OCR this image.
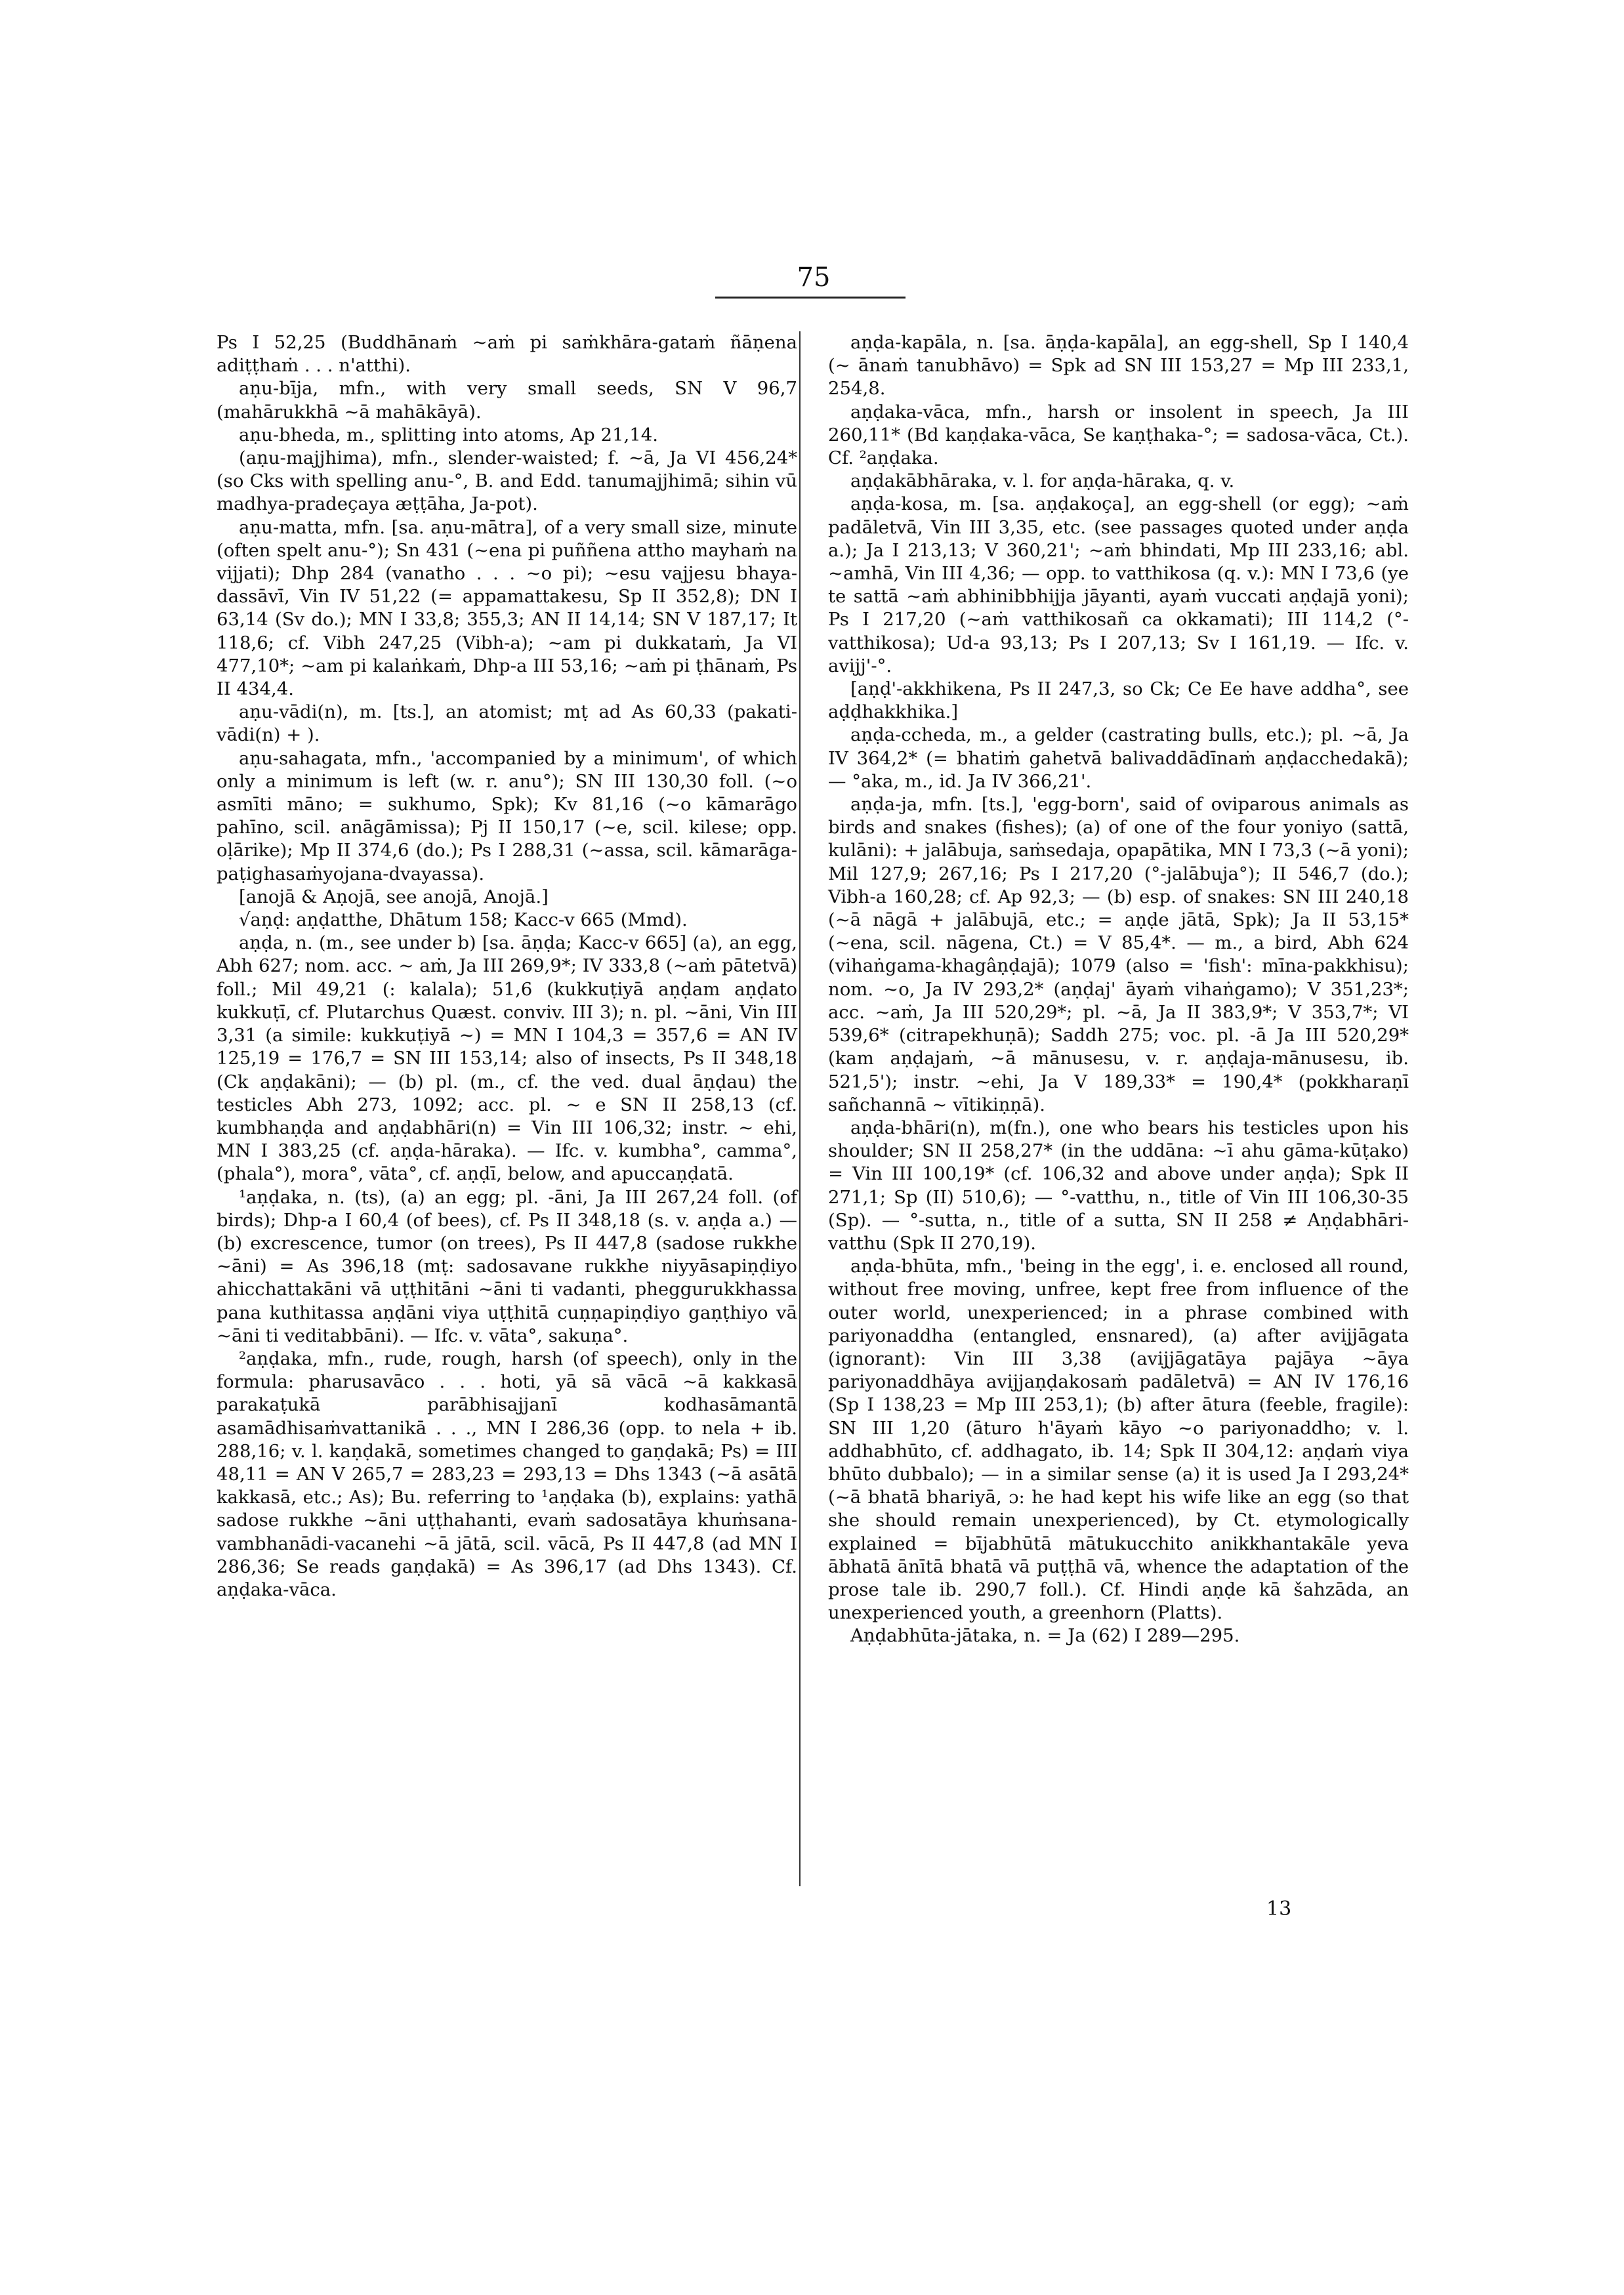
75

Ps I 52,25 (Buddhānaṁ ~aṁ pi saṁkhāra-gataṁ ñāṇena adiṭṭhaṁ . . . n'atthi).

aṇu-bīja, mfn., with very small seeds, SN V 96,7 (mahārukkhā ~ā mahākāyā).

aṇu-bheda, m., splitting into atoms, Ap 21,14.

(aṇu-majjhima), mfn., slender-waisted; f. ~ā, Ja VI 456,24* (so Cks with spelling anu-°, B. and Edd. tanumajjhimā; sihin vū madhya-pradeçaya æṭṭāha, Ja-pot).

aṇu-matta, mfn. [sa. aṇu-mātra], of a very small size, minute (often spelt anu-°); Sn 431 (~ena pi puññena attho mayhaṁ na vijjati); Dhp 284 (vanatho . . . ~o pi); ~esu vajjesu bhaya-dassāvī, Vin IV 51,22 (= appamattakesu, Sp II 352,8); DN I 63,14 (Sv do.); MN I 33,8; 355,3; AN II 14,14; SN V 187,17; It 118,6; cf. Vibh 247,25 (Vibh-a); ~am pi dukkataṁ, Ja VI 477,10*; ~am pi kalaṅkaṁ, Dhp-a III 53,16; ~aṁ pi ṭhānaṁ, Ps II 434,4.

aṇu-vādi(n), m. [ts.], an atomist; mṭ ad As 60,33 (pakati-vādi(n) + ).

aṇu-sahagata, mfn., 'accompanied by a minimum', of which only a minimum is left (w. r. anu°); SN III 130,30 foll. (~o asmīti māno; = sukhumo, Spk); Kv 81,16 (~o kāmarāgo pahīno, scil. anāgāmissa); Pj II 150,17 (~e, scil. kilese; opp. oḷārike); Mp II 374,6 (do.); Ps I 288,31 (~assa, scil. kāmarāga-paṭighasaṁyojana-dvayassa).

[anojā & Aṇojā, see anojā, Anojā.]

√aṇḍ: aṇḍatthe, Dhātum 158; Kacc-v 665 (Mmd).

aṇḍa, n. (m., see under b) [sa. āṇḍa; Kacc-v 665] (a), an egg, Abh 627; nom. acc. ~ aṁ, Ja III 269,9*; IV 333,8 (~aṁ pātetvā) foll.; Mil 49,21 (: kalala); 51,6 (kukkuṭiyā aṇḍam aṇḍato kukkuṭī, cf. Plutarchus Quæst. conviv. III 3); n. pl. ~āni, Vin III 3,31 (a simile: kukkuṭiyā ~) = MN I 104,3 = 357,6 = AN IV 125,19 = 176,7 = SN III 153,14; also of insects, Ps II 348,18 (Ck aṇḍakāni); — (b) pl. (m., cf. the ved. dual āṇḍau) the testicles Abh 273, 1092; acc. pl. ~ e SN II 258,13 (cf. kumbhaṇḍa and aṇḍabhāri(n) = Vin III 106,32; instr. ~ ehi, MN I 383,25 (cf. aṇḍa-hāraka). — Ifc. v. kumbha°, camma°, (phala°), mora°, vāta°, cf. aṇḍī, below, and apuccaṇḍatā.

¹aṇḍaka, n. (ts), (a) an egg; pl. -āni, Ja III 267,24 foll. (of birds); Dhp-a I 60,4 (of bees), cf. Ps II 348,18 (s. v. aṇḍa a.) — (b) excrescence, tumor (on trees), Ps II 447,8 (sadose rukkhe ~āni) = As 396,18 (mṭ: sadosavane rukkhe niyyāsapiṇḍiyo ahicchattakāni vā uṭṭhitāni ~āni ti vadanti, pheggurukkhassa pana kuthitassa aṇḍāni viya uṭṭhitā cuṇṇapiṇḍiyo gaṇṭhiyo vā ~āni ti veditabbāni). — Ifc. v. vāta°, sakuṇa°.

²aṇḍaka, mfn., rude, rough, harsh (of speech), only in the formula: pharusavāco . . . hoti, yā sā vācā ~ā kakkasā parakaṭukā parābhisajjanī kodhasāmantā asamādhisaṁvattanikā . . ., MN I 286,36 (opp. to nela + ib. 288,16; v. l. kaṇḍakā, sometimes changed to gaṇḍakā; Ps) = III 48,11 = AN V 265,7 = 283,23 = 293,13 = Dhs 1343 (~ā asātā kakkasā, etc.; As); Bu. referring to ¹aṇḍaka (b), explains: yathā sadose rukkhe ~āni uṭṭhahanti, evaṁ sadosatāya khuṁsana-vambhanādi-vacanehi ~ā jātā, scil. vācā, Ps II 447,8 (ad MN I 286,36; Se reads gaṇḍakā) = As 396,17 (ad Dhs 1343). Cf. aṇḍaka-vāca.

aṇḍa-kapāla, n. [sa. āṇḍa-kapāla], an egg-shell, Sp I 140,4 (~ ānaṁ tanubhāvo) = Spk ad SN III 153,27 = Mp III 233,1, 254,8.

aṇḍaka-vāca, mfn., harsh or insolent in speech, Ja III 260,11* (Bd kaṇḍaka-vāca, Se kaṇṭhaka-°; = sadosa-vāca, Ct.). Cf. ²aṇḍaka.

aṇḍakābhāraka, v. l. for aṇḍa-hāraka, q. v.

aṇḍa-kosa, m. [sa. aṇḍakoça], an egg-shell (or egg); ~aṁ padāletvā, Vin III 3,35, etc. (see passages quoted under aṇḍa a.); Ja I 213,13; V 360,21'; ~aṁ bhindati, Mp III 233,16; abl. ~amhā, Vin III 4,36; — opp. to vatthikosa (q. v.): MN I 73,6 (ye te sattā ~aṁ abhinibbhijja jāyanti, ayaṁ vuccati aṇḍajā yoni); Ps I 217,20 (~aṁ vatthikosañ ca okkamati); III 114,2 (°-vatthikosa); Ud-a 93,13; Ps I 207,13; Sv I 161,19. — Ifc. v. avijj'-°.

[aṇḍ'-akkhikena, Ps II 247,3, so Ck; Ce Ee have addha°, see aḍḍhakkhika.]

aṇḍa-ccheda, m., a gelder (castrating bulls, etc.); pl. ~ā, Ja IV 364,2* (= bhatiṁ gahetvā balivaddādīnaṁ aṇḍacchedakā); — °aka, m., id. Ja IV 366,21'.

aṇḍa-ja, mfn. [ts.], 'egg-born', said of oviparous animals as birds and snakes (fishes); (a) of one of the four yoniyo (sattā, kulāni): + jalābuja, saṁsedaja, opapātika, MN I 73,3 (~ā yoni); Mil 127,9; 267,16; Ps I 217,20 (°-jalābuja°); II 546,7 (do.); Vibh-a 160,28; cf. Ap 92,3; — (b) esp. of snakes: SN III 240,18 (~ā nāgā + jalābujā, etc.; = aṇḍe jātā, Spk); Ja II 53,15* (~ena, scil. nāgena, Ct.) = V 85,4*. — m., a bird, Abh 624 (vihaṅgama-khagâṇḍajā); 1079 (also = 'fish': mīna-pakkhisu); nom. ~o, Ja IV 293,2* (aṇḍaj' āyaṁ vihaṅgamo); V 351,23*; acc. ~aṁ, Ja III 520,29*; pl. ~ā, Ja II 383,9*; V 353,7*; VI 539,6* (citrapekhuṇā); Saddh 275; voc. pl. -ā Ja III 520,29* (kam aṇḍajaṁ, ~ā mānusesu, v. r. aṇḍaja-mānusesu, ib. 521,5'); instr. ~ehi, Ja V 189,33* = 190,4* (pokkharaṇī sañchannā ~ vītikiṇṇā).

aṇḍa-bhāri(n), m(fn.), one who bears his testicles upon his shoulder; SN II 258,27* (in the uddāna: ~ī ahu gāma-kūṭako) = Vin III 100,19* (cf. 106,32 and above under aṇḍa); Spk II 271,1; Sp (II) 510,6); — °-vatthu, n., title of Vin III 106,30-35 (Sp). — °-sutta, n., title of a sutta, SN II 258 ≠ Aṇḍabhāri-vatthu (Spk II 270,19).

aṇḍa-bhūta, mfn., 'being in the egg', i. e. enclosed all round, without free moving, unfree, kept free from influence of the outer world, unexperienced; in a phrase combined with pariyonaddha (entangled, ensnared), (a) after avijjāgata (ignorant): Vin III 3,38 (avijjāgatāya pajāya ~āya pariyonaddhāya avijjaṇḍakosaṁ padāletvā) = AN IV 176,16 (Sp I 138,23 = Mp III 253,1); (b) after ātura (feeble, fragile): SN III 1,20 (āturo h'āyaṁ kāyo ~o pariyonaddho; v. l. addhabhūto, cf. addhagato, ib. 14; Spk II 304,12: aṇḍaṁ viya bhūto dubbalo); — in a similar sense (a) it is used Ja I 293,24* (~ā bhatā bhariyā, ɔ: he had kept his wife like an egg (so that she should remain unexperienced), by Ct. etymologically explained = bījabhūtā mātukucchito anikkhantakāle yeva ābhatā ānītā bhatā vā puṭṭhā vā, whence the adaptation of the prose tale ib. 290,7 foll.). Cf. Hindi aṇḍe kā šahzāda, an unexperienced youth, a greenhorn (Platts).

Aṇḍabhūta-jātaka, n. = Ja (62) I 289—295.

13
